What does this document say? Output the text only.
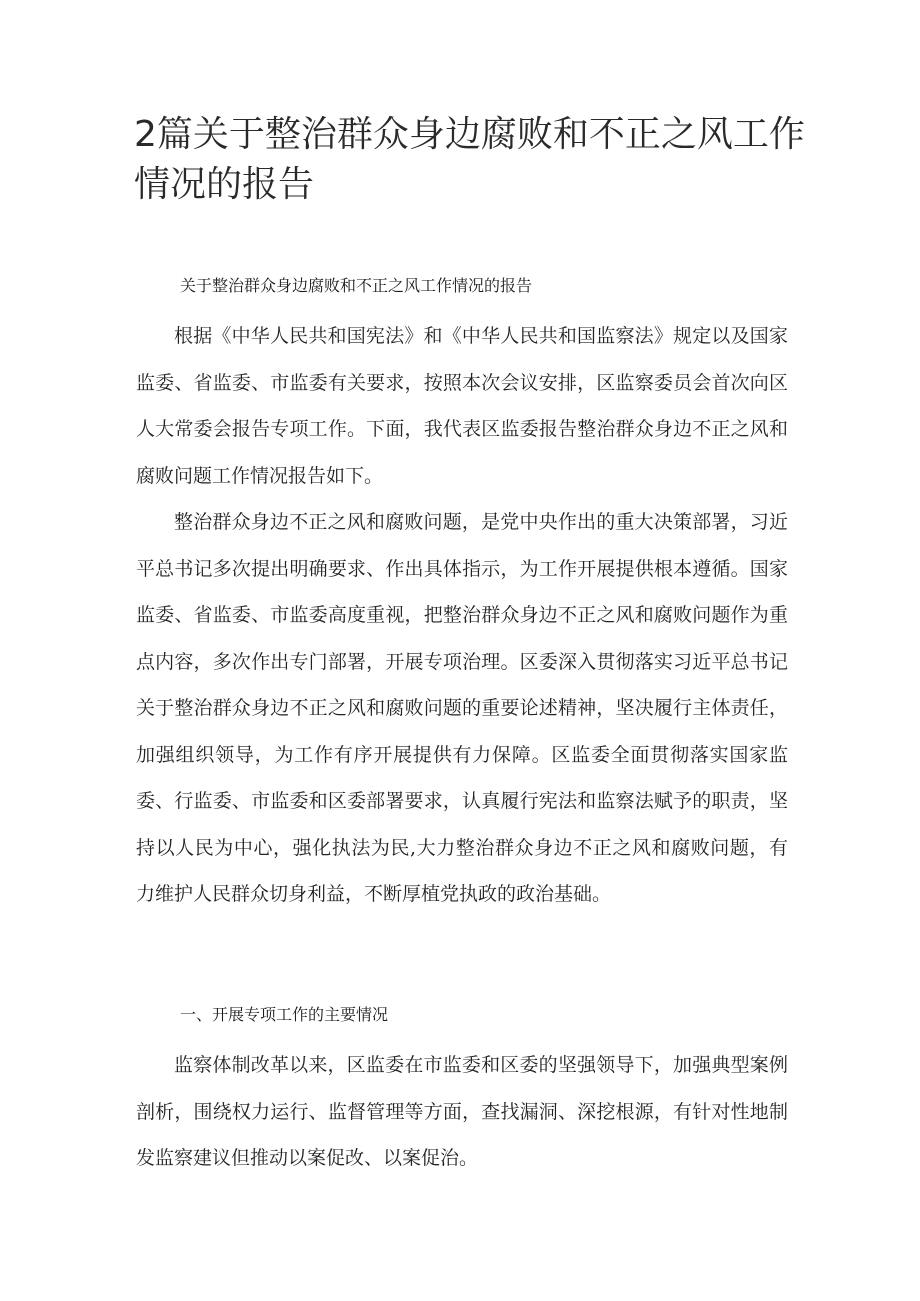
2篇关于整治群众身边腐败和不正之风工作情况的报告

关于整治群众身边腐败和不正之风工作情况的报告

根据《中华人民共和国宪法》和《中华人民共和国监察法》规定以及国家监委、省监委、市监委有关要求，按照本次会议安排，区监察委员会首次向区人大常委会报告专项工作。下面，我代表区监委报告整治群众身边不正之风和腐败问题工作情况报告如下。

整治群众身边不正之风和腐败问题，是党中央作出的重大决策部署，习近平总书记多次提出明确要求、作出具体指示，为工作开展提供根本遵循。国家监委、省监委、市监委高度重视，把整治群众身边不正之风和腐败问题作为重点内容，多次作出专门部署，开展专项治理。区委深入贯彻落实习近平总书记关于整治群众身边不正之风和腐败问题的重要论述精神，坚决履行主体责任，加强组织领导，为工作有序开展提供有力保障。区监委全面贯彻落实国家监委、行监委、市监委和区委部署要求，认真履行宪法和监察法赋予的职责，坚持以人民为中心，强化执法为民,大力整治群众身边不正之风和腐败问题，有力维护人民群众切身利益，不断厚植党执政的政治基础。

一、开展专项工作的主要情况

监察体制改革以来，区监委在市监委和区委的坚强领导下，加强典型案例剖析，围绕权力运行、监督管理等方面，查找漏洞、深挖根源，有针对性地制发监察建议但推动以案促改、以案促治。
